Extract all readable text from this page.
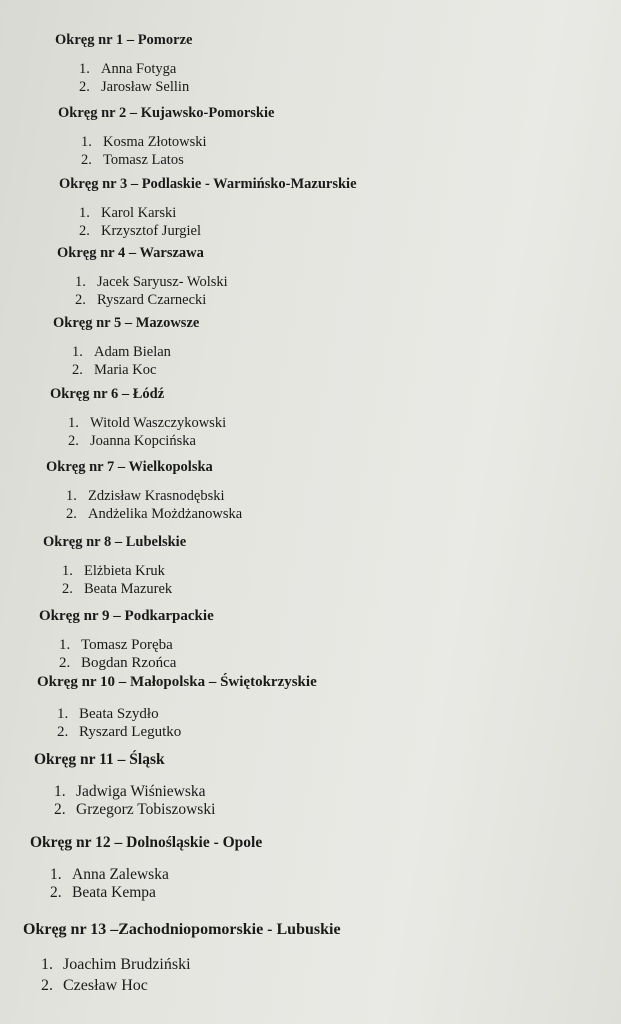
Okręg nr 1 – Pomorze

1. Anna Fotyga
2. Jarosław Sellin

Okręg nr 2 – Kujawsko-Pomorskie

1. Kosma Złotowski
2. Tomasz Latos

Okręg nr 3 – Podlaskie - Warmińsko-Mazurskie

1. Karol Karski
2. Krzysztof Jurgiel

Okręg nr 4 – Warszawa

1. Jacek Saryusz- Wolski
2. Ryszard Czarnecki

Okręg nr 5 – Mazowsze

1. Adam Bielan
2. Maria Koc

Okręg nr 6 – Łódź

1. Witold Waszczykowski
2. Joanna Kopcińska

Okręg nr 7 – Wielkopolska

1. Zdzisław Krasnodębski
2. Andżelika Możdżanowska

Okręg nr 8 – Lubelskie

1. Elżbieta Kruk
2. Beata Mazurek

Okręg nr 9 – Podkarpackie

1. Tomasz Poręba
2. Bogdan Rzońca

Okręg nr 10 – Małopolska – Świętokrzyskie

1. Beata Szydło
2. Ryszard Legutko

Okręg nr 11 – Śląsk

1. Jadwiga Wiśniewska
2. Grzegorz Tobiszowski

Okręg nr 12 – Dolnośląskie - Opole

1. Anna Zalewska
2. Beata Kempa

Okręg nr 13 –Zachodniopomorskie - Lubuskie

1. Joachim Brudziński
2. Czesław Hoc
